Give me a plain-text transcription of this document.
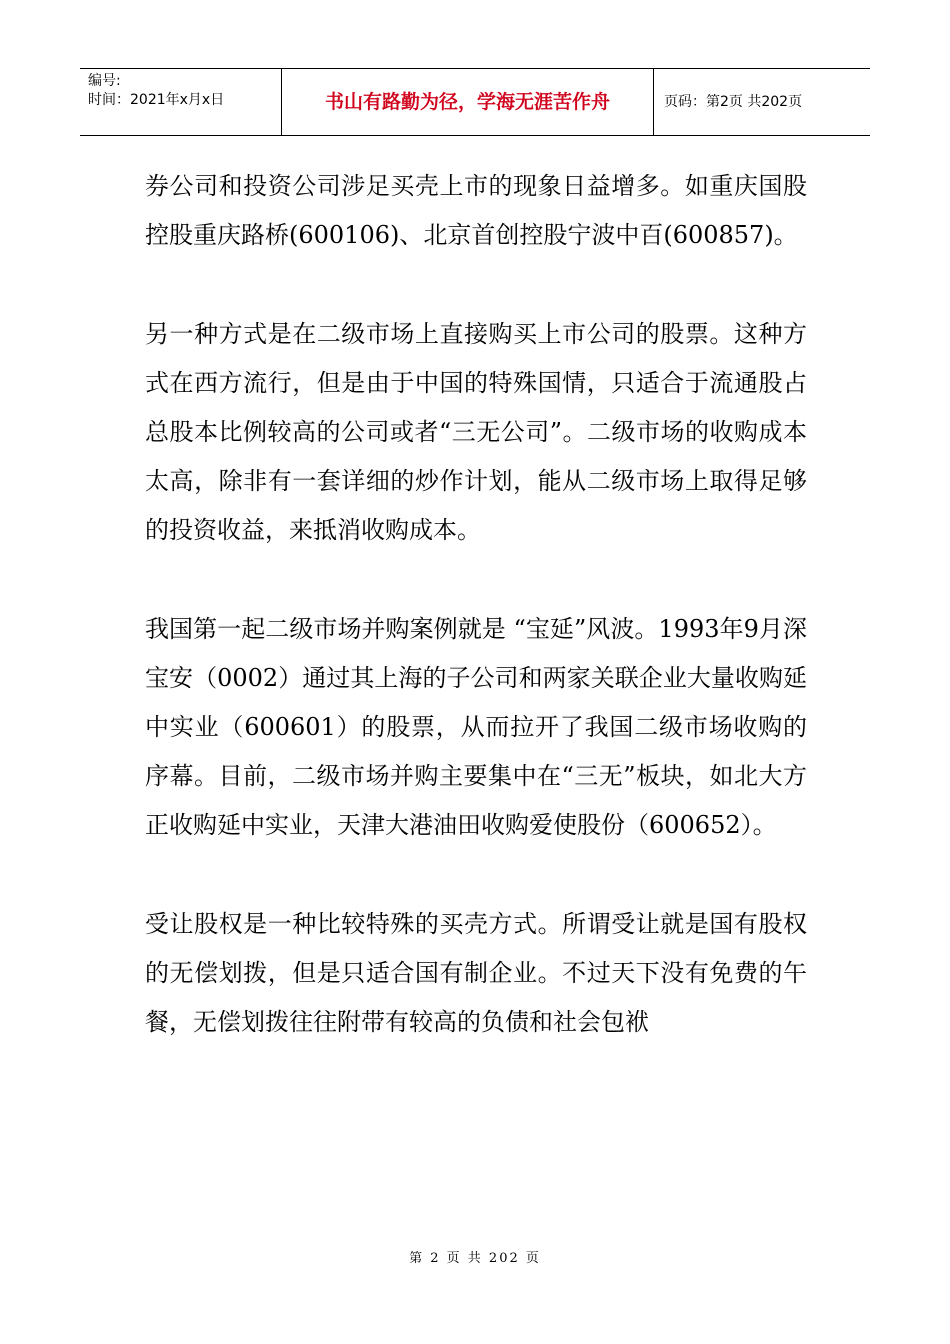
编号:
时间：2021年x月x日	书山有路勤为径，学海无涯苦作舟	页码：第2页 共202页

券公司和投资公司涉足买壳上市的现象日益增多。如重庆国股控股重庆路桥(600106)、北京首创控股宁波中百(600857)。

另一种方式是在二级市场上直接购买上市公司的股票。这种方式在西方流行，但是由于中国的特殊国情，只适合于流通股占总股本比例较高的公司或者“三无公司”。二级市场的收购成本太高，除非有一套详细的炒作计划，能从二级市场上取得足够的投资收益，来抵消收购成本。

我国第一起二级市场并购案例就是 “宝延”风波。1993年9月深宝安（0002）通过其上海的子公司和两家关联企业大量收购延中实业（600601）的股票，从而拉开了我国二级市场收购的序幕。目前，二级市场并购主要集中在“三无”板块，如北大方正收购延中实业，天津大港油田收购爱使股份（600652）。

受让股权是一种比较特殊的买壳方式。所谓受让就是国有股权的无偿划拨，但是只适合国有制企业。不过天下没有免费的午餐，无偿划拨往往附带有较高的负债和社会包袱

第 2 页 共 202 页
